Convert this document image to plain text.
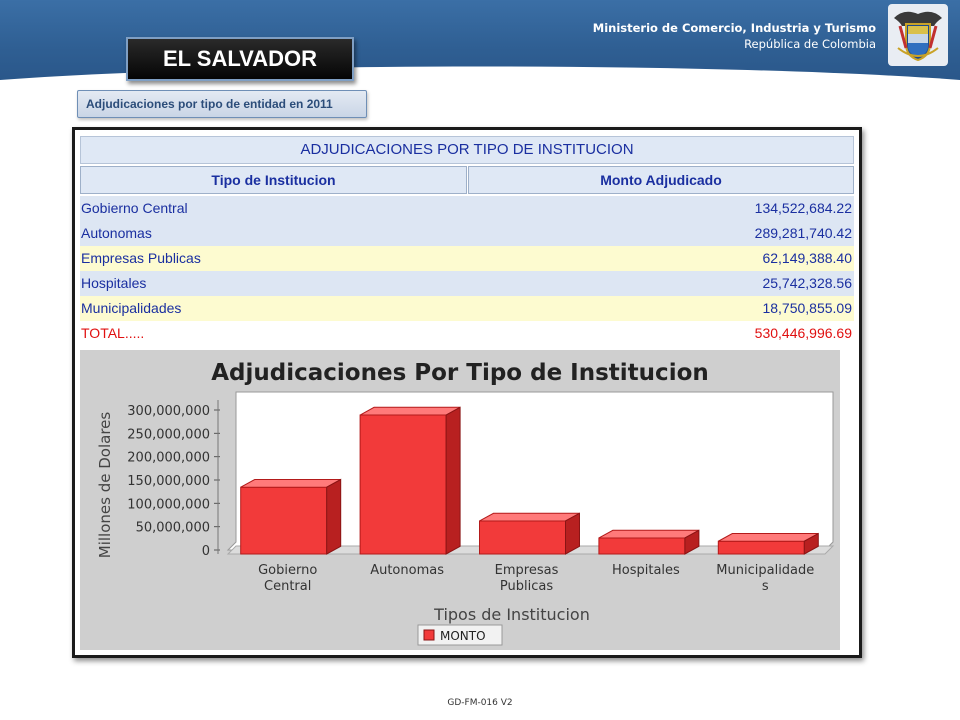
Ministerio de Comercio, Industria y Turismo
República de Colombia
EL SALVADOR
Adjudicaciones por tipo de entidad en 2011
ADJUDICACIONES POR TIPO DE INSTITUCION
Tipo de Institucion	Monto Adjudicado
Gobierno Central	134,522,684.22
Autonomas	289,281,740.42
Empresas Publicas	62,149,388.40
Hospitales	25,742,328.56
Municipalidades	18,750,855.09
TOTAL.....	530,446,996.69
Adjudicaciones Por Tipo de Institucion
0
50,000,000
100,000,000
150,000,000
200,000,000
250,000,000
300,000,000
Millones de Dolares
Gobierno
Central
Autonomas	Empresas
Publicas
Hospitales	Municipalidade
s
Tipos de Institucion
MONTO
GD-FM-016 V2
